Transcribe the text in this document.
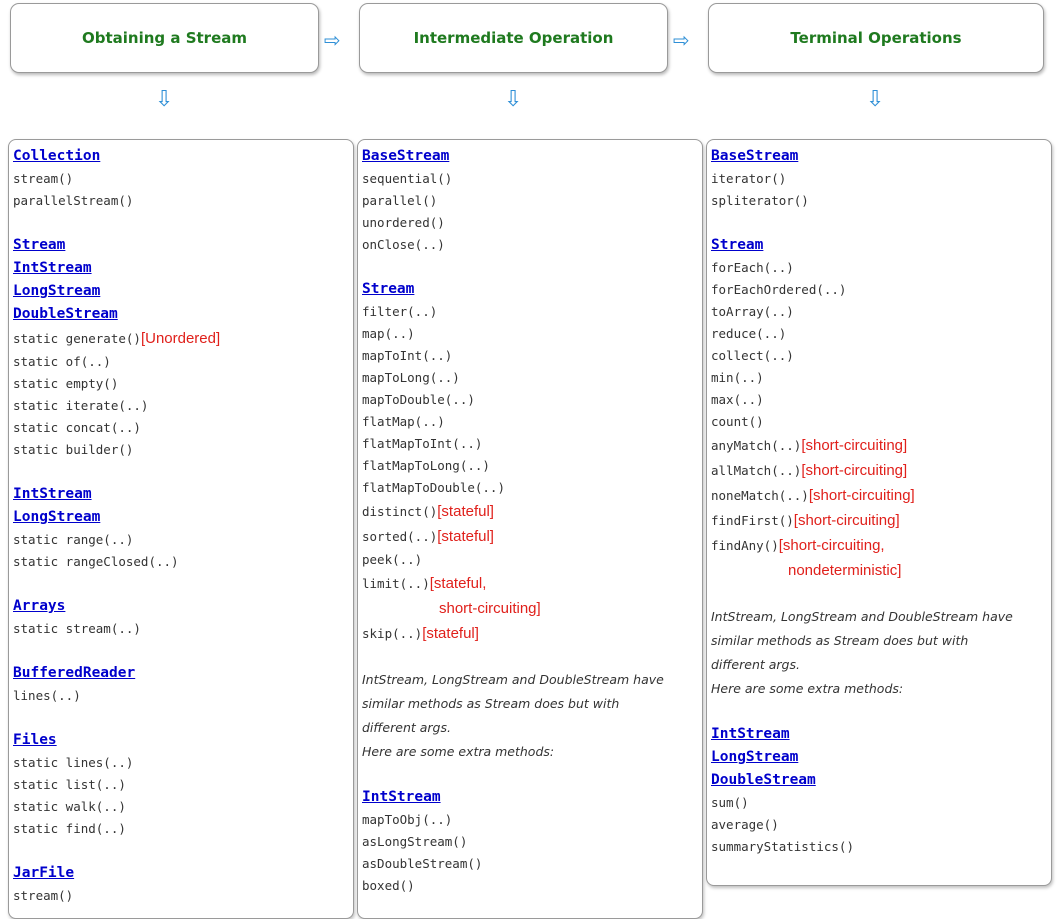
Obtaining a Stream	⇨	Intermediate Operation	⇨	Terminal Operations
⇩	⇩	⇩
Collection
stream()
parallelStream()
Stream
IntStream
LongStream
DoubleStream
static generate()[Unordered]
static of(..)
static empty()
static iterate(..)
static concat(..)
static builder()
IntStream
LongStream
static range(..)
static rangeClosed(..)
Arrays
static stream(..)
BufferedReader
lines(..)
Files
static lines(..)
static list(..)
static walk(..)
static find(..)
JarFile
stream()
BaseStream
sequential()
parallel()
unordered()
onClose(..)
Stream
filter(..)
map(..)
mapToInt(..)
mapToLong(..)
mapToDouble(..)
flatMap(..)
flatMapToInt(..)
flatMapToLong(..)
flatMapToDouble(..)
distinct()[stateful]
sorted(..)[stateful]
peek(..)
limit(..)[stateful,
short-circuiting]
skip(..)[stateful]
IntStream, LongStream and DoubleStream have
similar methods as Stream does but with
different args.
Here are some extra methods:
IntStream
mapToObj(..)
asLongStream()
asDoubleStream()
boxed()
BaseStream
iterator()
spliterator()
Stream
forEach(..)
forEachOrdered(..)
toArray(..)
reduce(..)
collect(..)
min(..)
max(..)
count()
anyMatch(..)[short-circuiting]
allMatch(..)[short-circuiting]
noneMatch(..)[short-circuiting]
findFirst()[short-circuiting]
findAny()[short-circuiting,
nondeterministic]
IntStream, LongStream and DoubleStream have
similar methods as Stream does but with
different args.
Here are some extra methods:
IntStream
LongStream
DoubleStream
sum()
average()
summaryStatistics()
